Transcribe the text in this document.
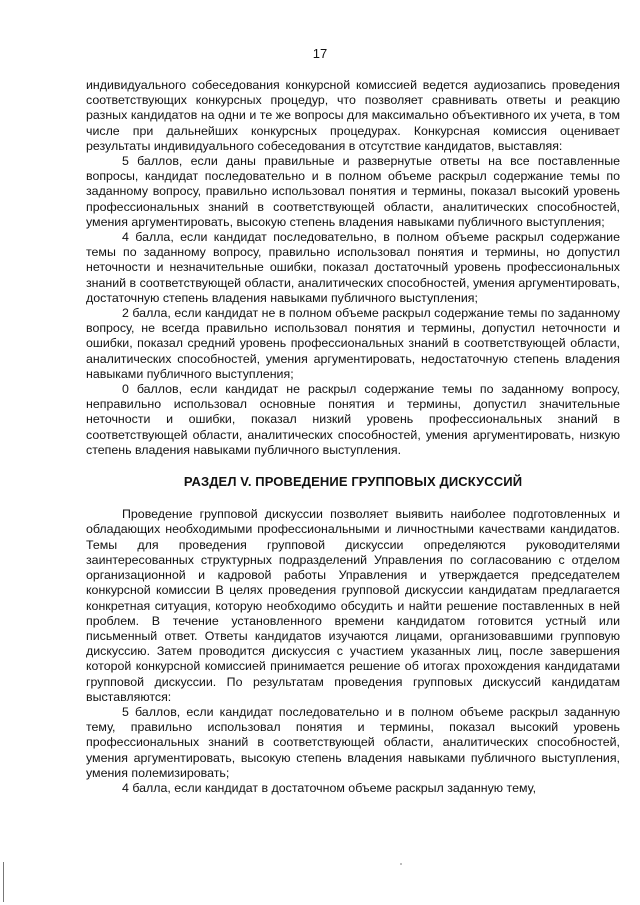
17

индивидуального собеседования конкурсной комиссией ведется аудиозапись проведения соответствующих конкурсных процедур, что позволяет сравнивать ответы и реакцию разных кандидатов на одни и те же вопросы для максимально объективного их учета, в том числе при дальнейших конкурсных процедурах. Конкурсная комиссия оценивает результаты индивидуального собеседования в отсутствие кандидатов, выставляя:

5 баллов, если даны правильные и развернутые ответы на все поставленные вопросы, кандидат последовательно и в полном объеме раскрыл содержание темы по заданному вопросу, правильно использовал понятия и термины, показал высокий уровень профессиональных знаний в соответствующей области, аналитических способностей, умения аргументировать, высокую степень владения навыками публичного выступления;

4 балла, если кандидат последовательно, в полном объеме раскрыл содержание темы по заданному вопросу, правильно использовал понятия и термины, но допустил неточности и незначительные ошибки, показал достаточный уровень профессиональных знаний в соответствующей области, аналитических способностей, умения аргументировать, достаточную степень владения навыками публичного выступления;

2 балла, если кандидат не в полном объеме раскрыл содержание темы по заданному вопросу, не всегда правильно использовал понятия и термины, допустил неточности и ошибки, показал средний уровень профессиональных знаний в соответствующей области, аналитических способностей, умения аргументировать, недостаточную степень владения навыками публичного выступления;

0 баллов, если кандидат не раскрыл содержание темы по заданному вопросу, неправильно использовал основные понятия и термины, допустил значительные неточности и ошибки, показал низкий уровень профессиональных знаний в соответствующей области, аналитических способностей, умения аргументировать, низкую степень владения навыками публичного выступления.

РАЗДЕЛ V. ПРОВЕДЕНИЕ ГРУППОВЫХ ДИСКУССИЙ

Проведение групповой дискуссии позволяет выявить наиболее подготовленных и обладающих необходимыми профессиональными и личностными качествами кандидатов. Темы для проведения групповой дискуссии определяются руководителями заинтересованных структурных подразделений Управления по согласованию с отделом организационной и кадровой работы Управления и утверждается председателем конкурсной комиссии В целях проведения групповой дискуссии кандидатам предлагается конкретная ситуация, которую необходимо обсудить и найти решение поставленных в ней проблем. В течение установленного времени кандидатом готовится устный или письменный ответ. Ответы кандидатов изучаются лицами, организовавшими групповую дискуссию. Затем проводится дискуссия с участием указанных лиц, после завершения которой конкурсной комиссией принимается решение об итогах прохождения кандидатами групповой дискуссии. По результатам проведения групповых дискуссий кандидатам выставляются:

5 баллов, если кандидат последовательно и в полном объеме раскрыл заданную тему, правильно использовал понятия и термины, показал высокий уровень профессиональных знаний в соответствующей области, аналитических способностей, умения аргументировать, высокую степень владения навыками публичного выступления, умения полемизировать;

4 балла, если кандидат в достаточном объеме раскрыл заданную тему,
